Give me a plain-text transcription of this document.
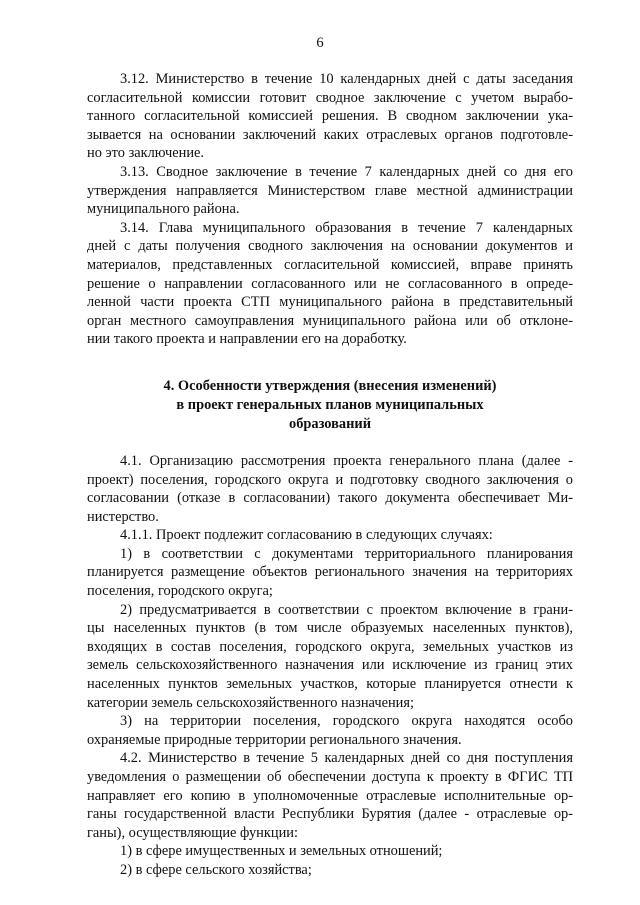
6
3.12. Министерство в течение 10 календарных дней с даты заседания
согласительной комиссии готовит сводное заключение с учетом вырабо-
танного согласительной комиссией решения. В сводном заключении ука-
зывается на основании заключений каких отраслевых органов подготовле-
но это заключение.
3.13. Сводное заключение в течение 7 календарных дней со дня его
утверждения направляется Министерством главе местной администрации
муниципального района.
3.14. Глава муниципального образования в течение 7 календарных
дней с даты получения сводного заключения на основании документов и
материалов, представленных согласительной комиссией, вправе принять
решение о направлении согласованного или не согласованного в опреде-
ленной части проекта СТП муниципального района в представительный
орган местного самоуправления муниципального района или об отклоне-
нии такого проекта и направлении его на доработку.
4. Особенности утверждения (внесения изменений)
в проект генеральных планов муниципальных
образований
4.1. Организацию рассмотрения проекта генерального плана (далее -
проект) поселения, городского округа и подготовку сводного заключения о
согласовании (отказе в согласовании) такого документа обеспечивает Ми-
нистерство.
4.1.1. Проект подлежит согласованию в следующих случаях:
1) в соответствии с документами территориального планирования
планируется размещение объектов регионального значения на территориях
поселения, городского округа;
2) предусматривается в соответствии с проектом включение в грани-
цы населенных пунктов (в том числе образуемых населенных пунктов),
входящих в состав поселения, городского округа, земельных участков из
земель сельскохозяйственного назначения или исключение из границ этих
населенных пунктов земельных участков, которые планируется отнести к
категории земель сельскохозяйственного назначения;
3) на территории поселения, городского округа находятся особо
охраняемые природные территории регионального значения.
4.2. Министерство в течение 5 календарных дней со дня поступления
уведомления о размещении об обеспечении доступа к проекту в ФГИС ТП
направляет его копию в уполномоченные отраслевые исполнительные ор-
ганы государственной власти Республики Бурятия (далее - отраслевые ор-
ганы), осуществляющие функции:
1) в сфере имущественных и земельных отношений;
2) в сфере сельского хозяйства;
